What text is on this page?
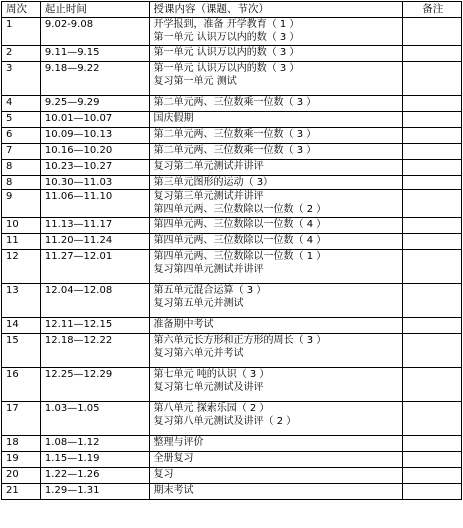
周次	起止时间	授课内容（课题、节次）	备注
1	9.02-9.08	开学报到，准备 开学教育（ 1 ）
第一单元 认识万以内的数（ 3 ）	

2	9.11—9.15	第一单元 认识万以内的数（ 3 ）	

3	9.18—9.22	第一单元 认识万以内的数（ 3 ）
复习第一单元 测试	

4	9.25—9.29	第二单元两、三位数乘一位数（ 3 ）	

5	10.01—10.07	国庆假期	

6	10.09—10.13	第二单元两、三位数乘一位数（ 3 ）	

7	10.16—10.20	第二单元两、三位数乘一位数（ 3 ）	

8	10.23—10.27	复习第二单元测试并讲评	

8	10.30—11.03	第三单元图形的运动（ 3）	

9	11.06—11.10	复习第三单元测试并讲评
第四单元两、三位数除以一位数（ 2 ）	

10	11.13—11.17	第四单元两、三位数除以一位数（ 4 ）	

11	11.20—11.24	第四单元两、三位数除以一位数（ 4 ）	

12	11.27—12.01	第四单元两、三位数除以一位数（ 1 ）
复习第四单元测试并讲评	

13	12.04—12.08	第五单元混合运算（ 3 ）
复习第五单元并测试	

14	12.11—12.15	准备期中考试	

15	12.18—12.22	第六单元长方形和正方形的周长（ 3 ）
复习第六单元并考试	

16	12.25—12.29	第七单元 吨的认识（ 3 ）
复习第七单元测试及讲评	

17	1.03—1.05	第八单元 探索乐园（ 2 ）
复习第八单元测试及讲评（ 2 ）	

18	1.08—1.12	整理与评价	

19	1.15—1.19	全册复习	

20	1.22—1.26	复习	

21	1.29—1.31	期末考试	
